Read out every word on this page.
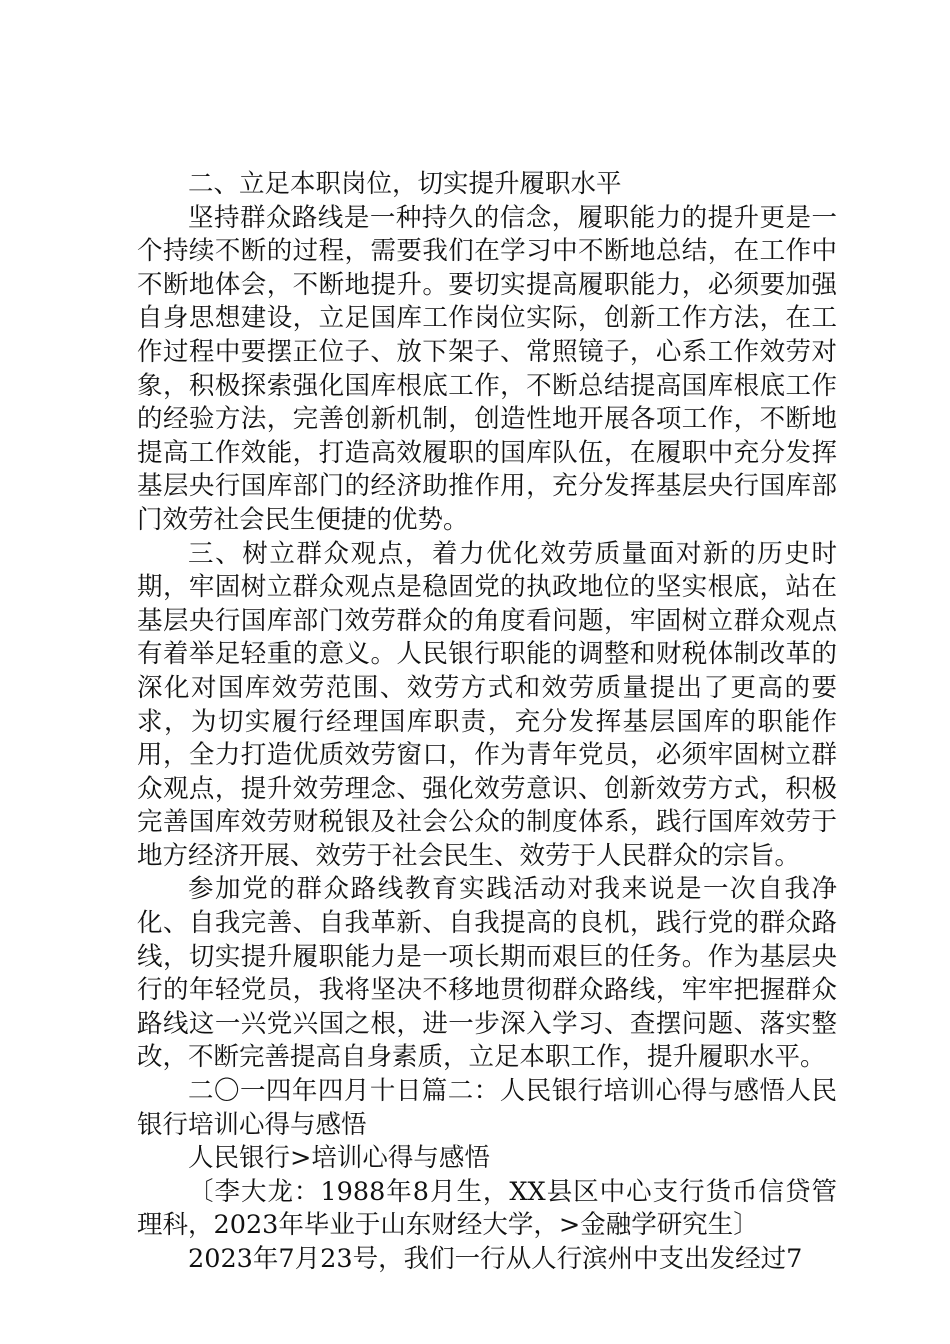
二、立足本职岗位，切实提升履职水平

坚持群众路线是一种持久的信念，履职能力的提升更是一个持续不断的过程，需要我们在学习中不断地总结，在工作中不断地体会，不断地提升。要切实提高履职能力，必须要加强自身思想建设，立足国库工作岗位实际，创新工作方法，在工作过程中要摆正位子、放下架子、常照镜子，心系工作效劳对象，积极探索强化国库根底工作，不断总结提高国库根底工作的经验方法，完善创新机制，创造性地开展各项工作，不断地提高工作效能，打造高效履职的国库队伍，在履职中充分发挥基层央行国库部门的经济助推作用，充分发挥基层央行国库部门效劳社会民生便捷的优势。

三、树立群众观点，着力优化效劳质量面对新的历史时期，牢固树立群众观点是稳固党的执政地位的坚实根底，站在基层央行国库部门效劳群众的角度看问题，牢固树立群众观点有着举足轻重的意义。人民银行职能的调整和财税体制改革的深化对国库效劳范围、效劳方式和效劳质量提出了更高的要求，为切实履行经理国库职责，充分发挥基层国库的职能作用，全力打造优质效劳窗口，作为青年党员，必须牢固树立群众观点，提升效劳理念、强化效劳意识、创新效劳方式，积极完善国库效劳财税银及社会公众的制度体系，践行国库效劳于地方经济开展、效劳于社会民生、效劳于人民群众的宗旨。

参加党的群众路线教育实践活动对我来说是一次自我净化、自我完善、自我革新、自我提高的良机，践行党的群众路线，切实提升履职能力是一项长期而艰巨的任务。作为基层央行的年轻党员，我将坚决不移地贯彻群众路线，牢牢把握群众路线这一兴党兴国之根，进一步深入学习、查摆问题、落实整改，不断完善提高自身素质，立足本职工作，提升履职水平。

二〇一四年四月十日篇二：人民银行培训心得与感悟人民银行培训心得与感悟

人民银行>培训心得与感悟

〔李大龙：1988年8月生，XX县区中心支行货币信贷管理科，2023年毕业于山东财经大学，>金融学研究生〕

2023年7月23号，我们一行从人行滨州中支出发经过7
